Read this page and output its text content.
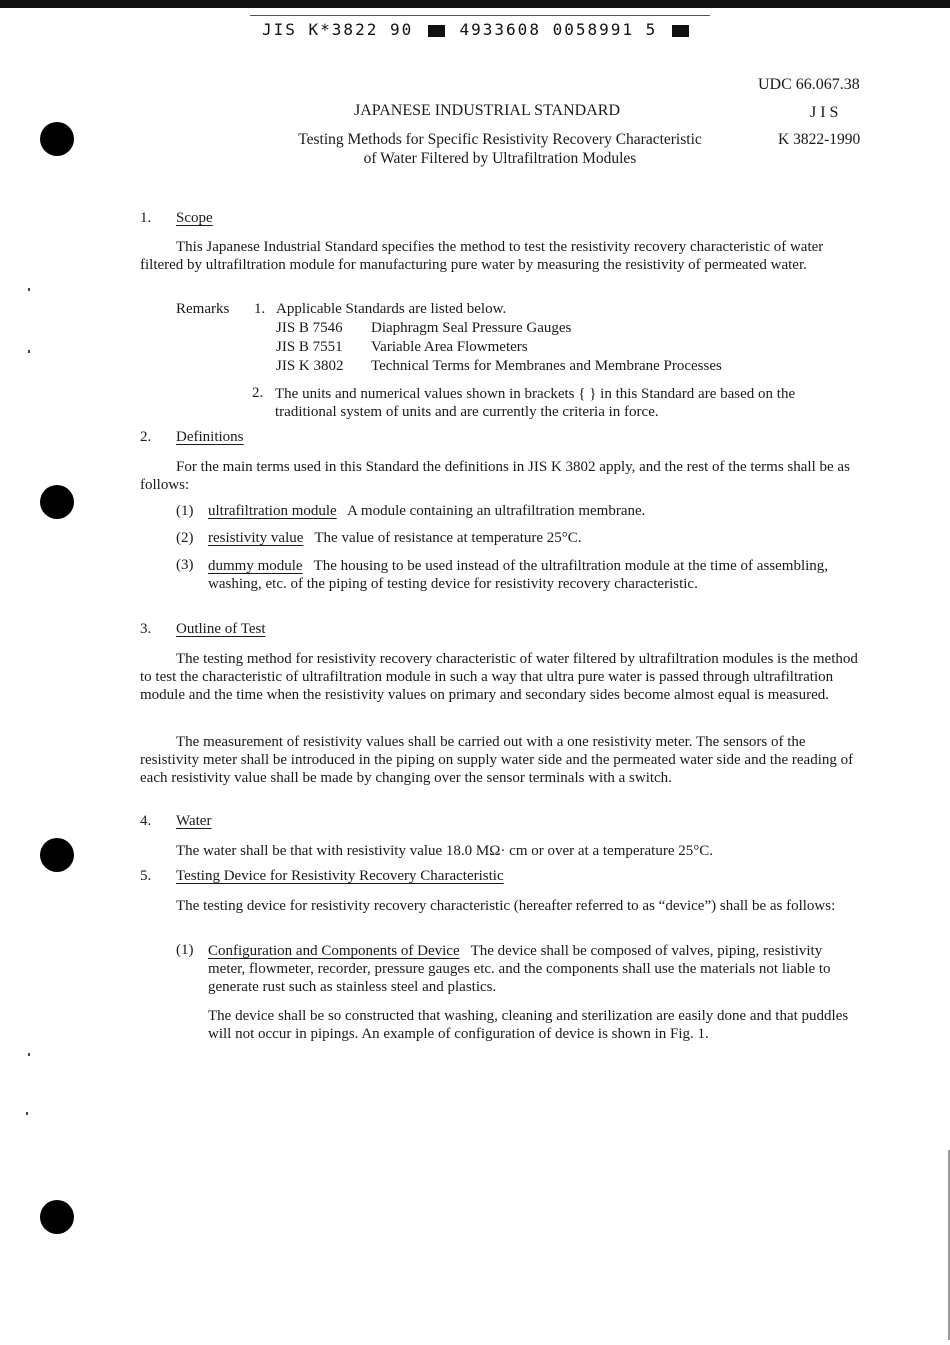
JIS K*3822 90	4933608 0058991 5
UDC 66.067.38
JAPANESE INDUSTRIAL STANDARD	J I S
Testing Methods for Specific Resistivity Recovery Characteristic
of Water Filtered by Ultrafiltration Modules
K 3822-1990
1. Scope
This Japanese Industrial Standard specifies the method to test the resistivity recovery characteristic of water filtered by ultrafiltration module for manufacturing pure water by measuring the resistivity of permeated water.
Remarks	1.	Applicable Standards are listed below.	
		JIS B 7546	Diaphragm Seal Pressure Gauges
		JIS B 7551	Variable Area Flowmeters
		JIS K 3802	Technical Terms for Membranes and Membrane Processes
2. The units and numerical values shown in brackets { } in this Standard are based on the traditional system of units and are currently the criteria in force.
2. Definitions
For the main terms used in this Standard the definitions in JIS K 3802 apply, and the rest of the terms shall be as follows:
(1) ultrafiltration module A module containing an ultrafiltration membrane.
(2) resistivity value The value of resistance at temperature 25°C.
(3) dummy module The housing to be used instead of the ultrafiltration module at the time of assembling, washing, etc. of the piping of testing device for resistivity recovery characteristic.
3. Outline of Test
The testing method for resistivity recovery characteristic of water filtered by ultrafiltration modules is the method to test the characteristic of ultrafiltration module in such a way that ultra pure water is passed through ultrafiltration module and the time when the resistivity values on primary and secondary sides become almost equal is measured.
The measurement of resistivity values shall be carried out with a one resistivity meter. The sensors of the resistivity meter shall be introduced in the piping on supply water side and the permeated water side and the reading of each resistivity value shall be made by changing over the sensor terminals with a switch.
4. Water
The water shall be that with resistivity value 18.0 MΩ· cm or over at a temperature 25°C.
5. Testing Device for Resistivity Recovery Characteristic
The testing device for resistivity recovery characteristic (hereafter referred to as “device”) shall be as follows:
(1) Configuration and Components of Device The device shall be composed of valves, piping, resistivity meter, flowmeter, recorder, pressure gauges etc. and the components shall use the materials not liable to generate rust such as stainless steel and plastics.
The device shall be so constructed that washing, cleaning and sterilization are easily done and that puddles will not occur in pipings. An example of configuration of device is shown in Fig. 1.
